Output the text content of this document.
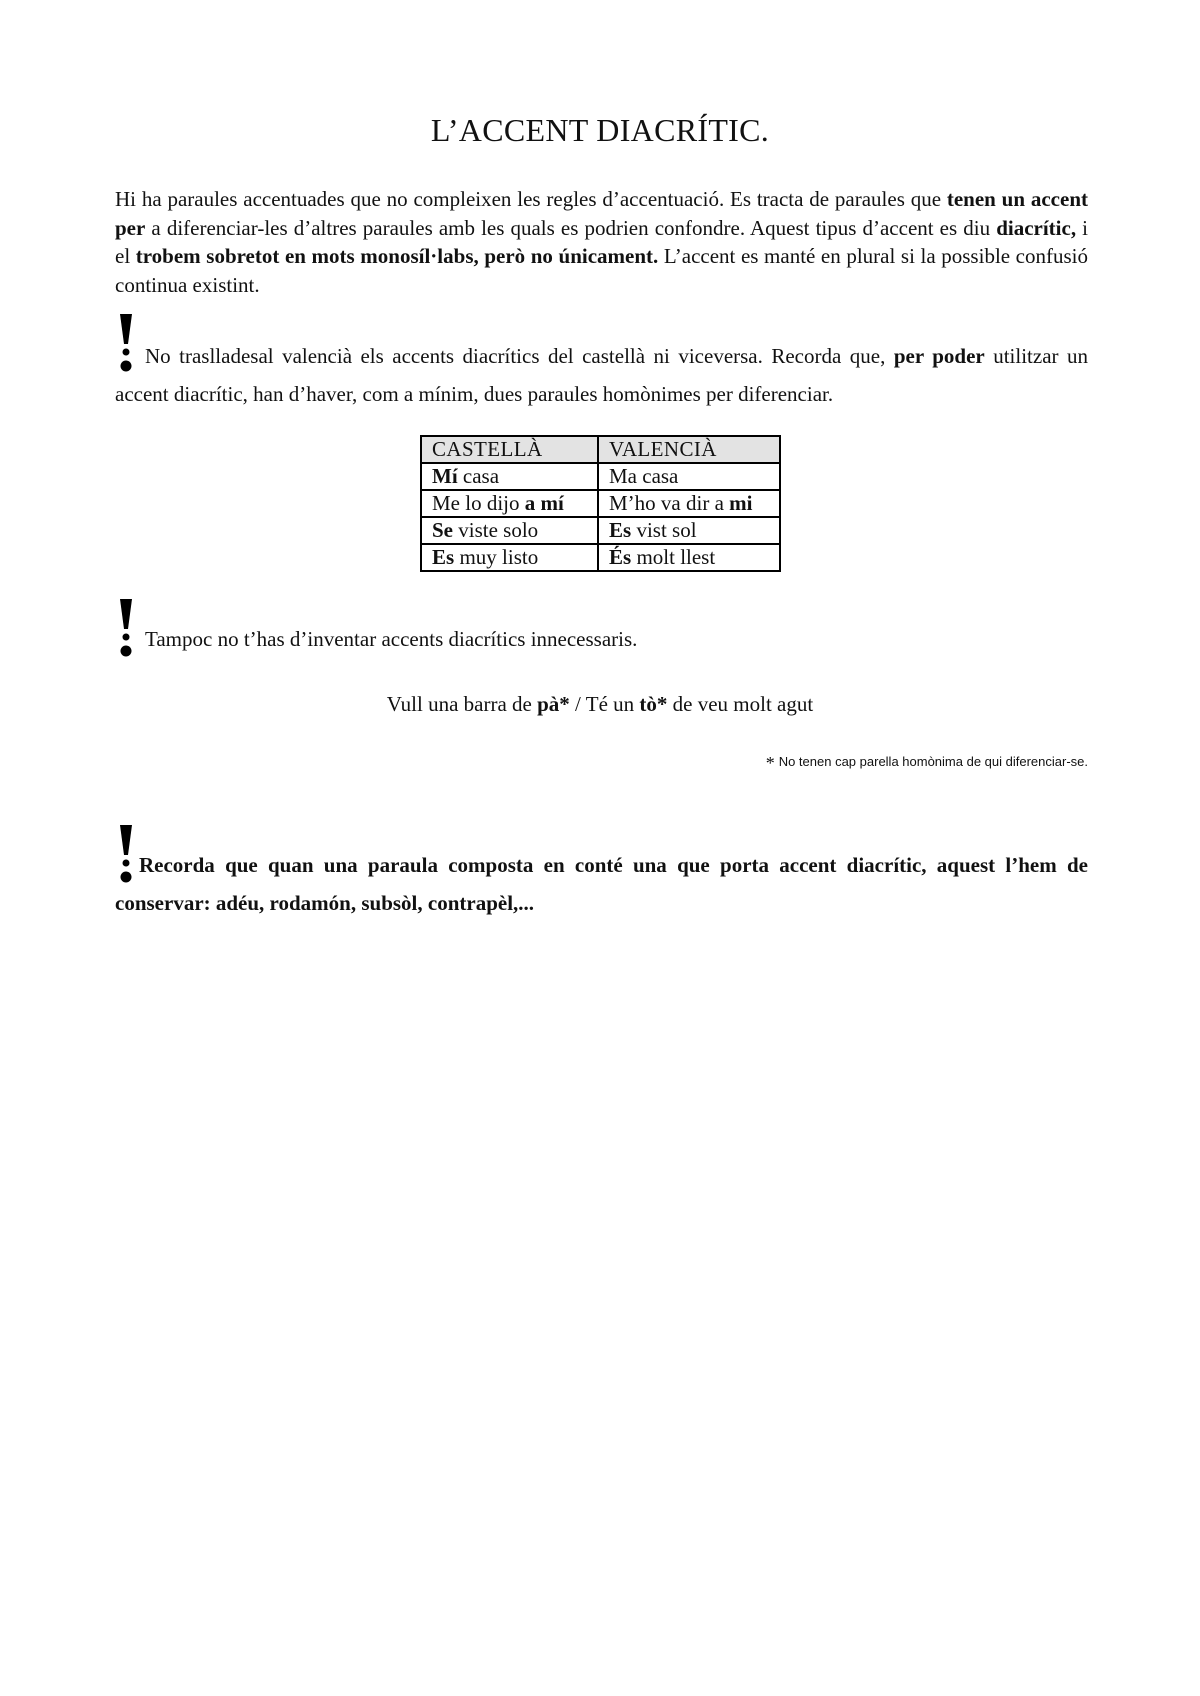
L’ACCENT DIACRÍTIC.

Hi ha paraules accentuades que no compleixen les regles d’accentuació. Es tracta de paraules que tenen un accent per a diferenciar-les d’altres paraules amb les quals es podrien confondre. Aquest tipus d’accent es diu diacrític, i el trobem sobretot en mots monosíl·labs, però no únicament. L’accent es manté en plural si la possible confusió continua existint.

No traslladesal valencià els accents diacrítics del castellà ni viceversa. Recorda que, per poder utilitzar un accent diacrític, han d’haver, com a mínim, dues paraules homònimes per diferenciar.

CASTELLÀ	VALENCIÀ
Mí casa	Ma casa
Me lo dijo a mí	M’ho va dir a mi
Se viste solo	Es vist sol
Es muy listo	És molt llest

Tampoc no t’has d’inventar accents diacrítics innecessaris.

Vull una barra de pà* / Té un tò* de veu molt agut
* No tenen cap parella homònima de qui diferenciar-se.

Recorda que quan una paraula composta en conté una que porta accent diacrític, aquest l’hem de conservar: adéu, rodamón, subsòl, contrapèl,...
